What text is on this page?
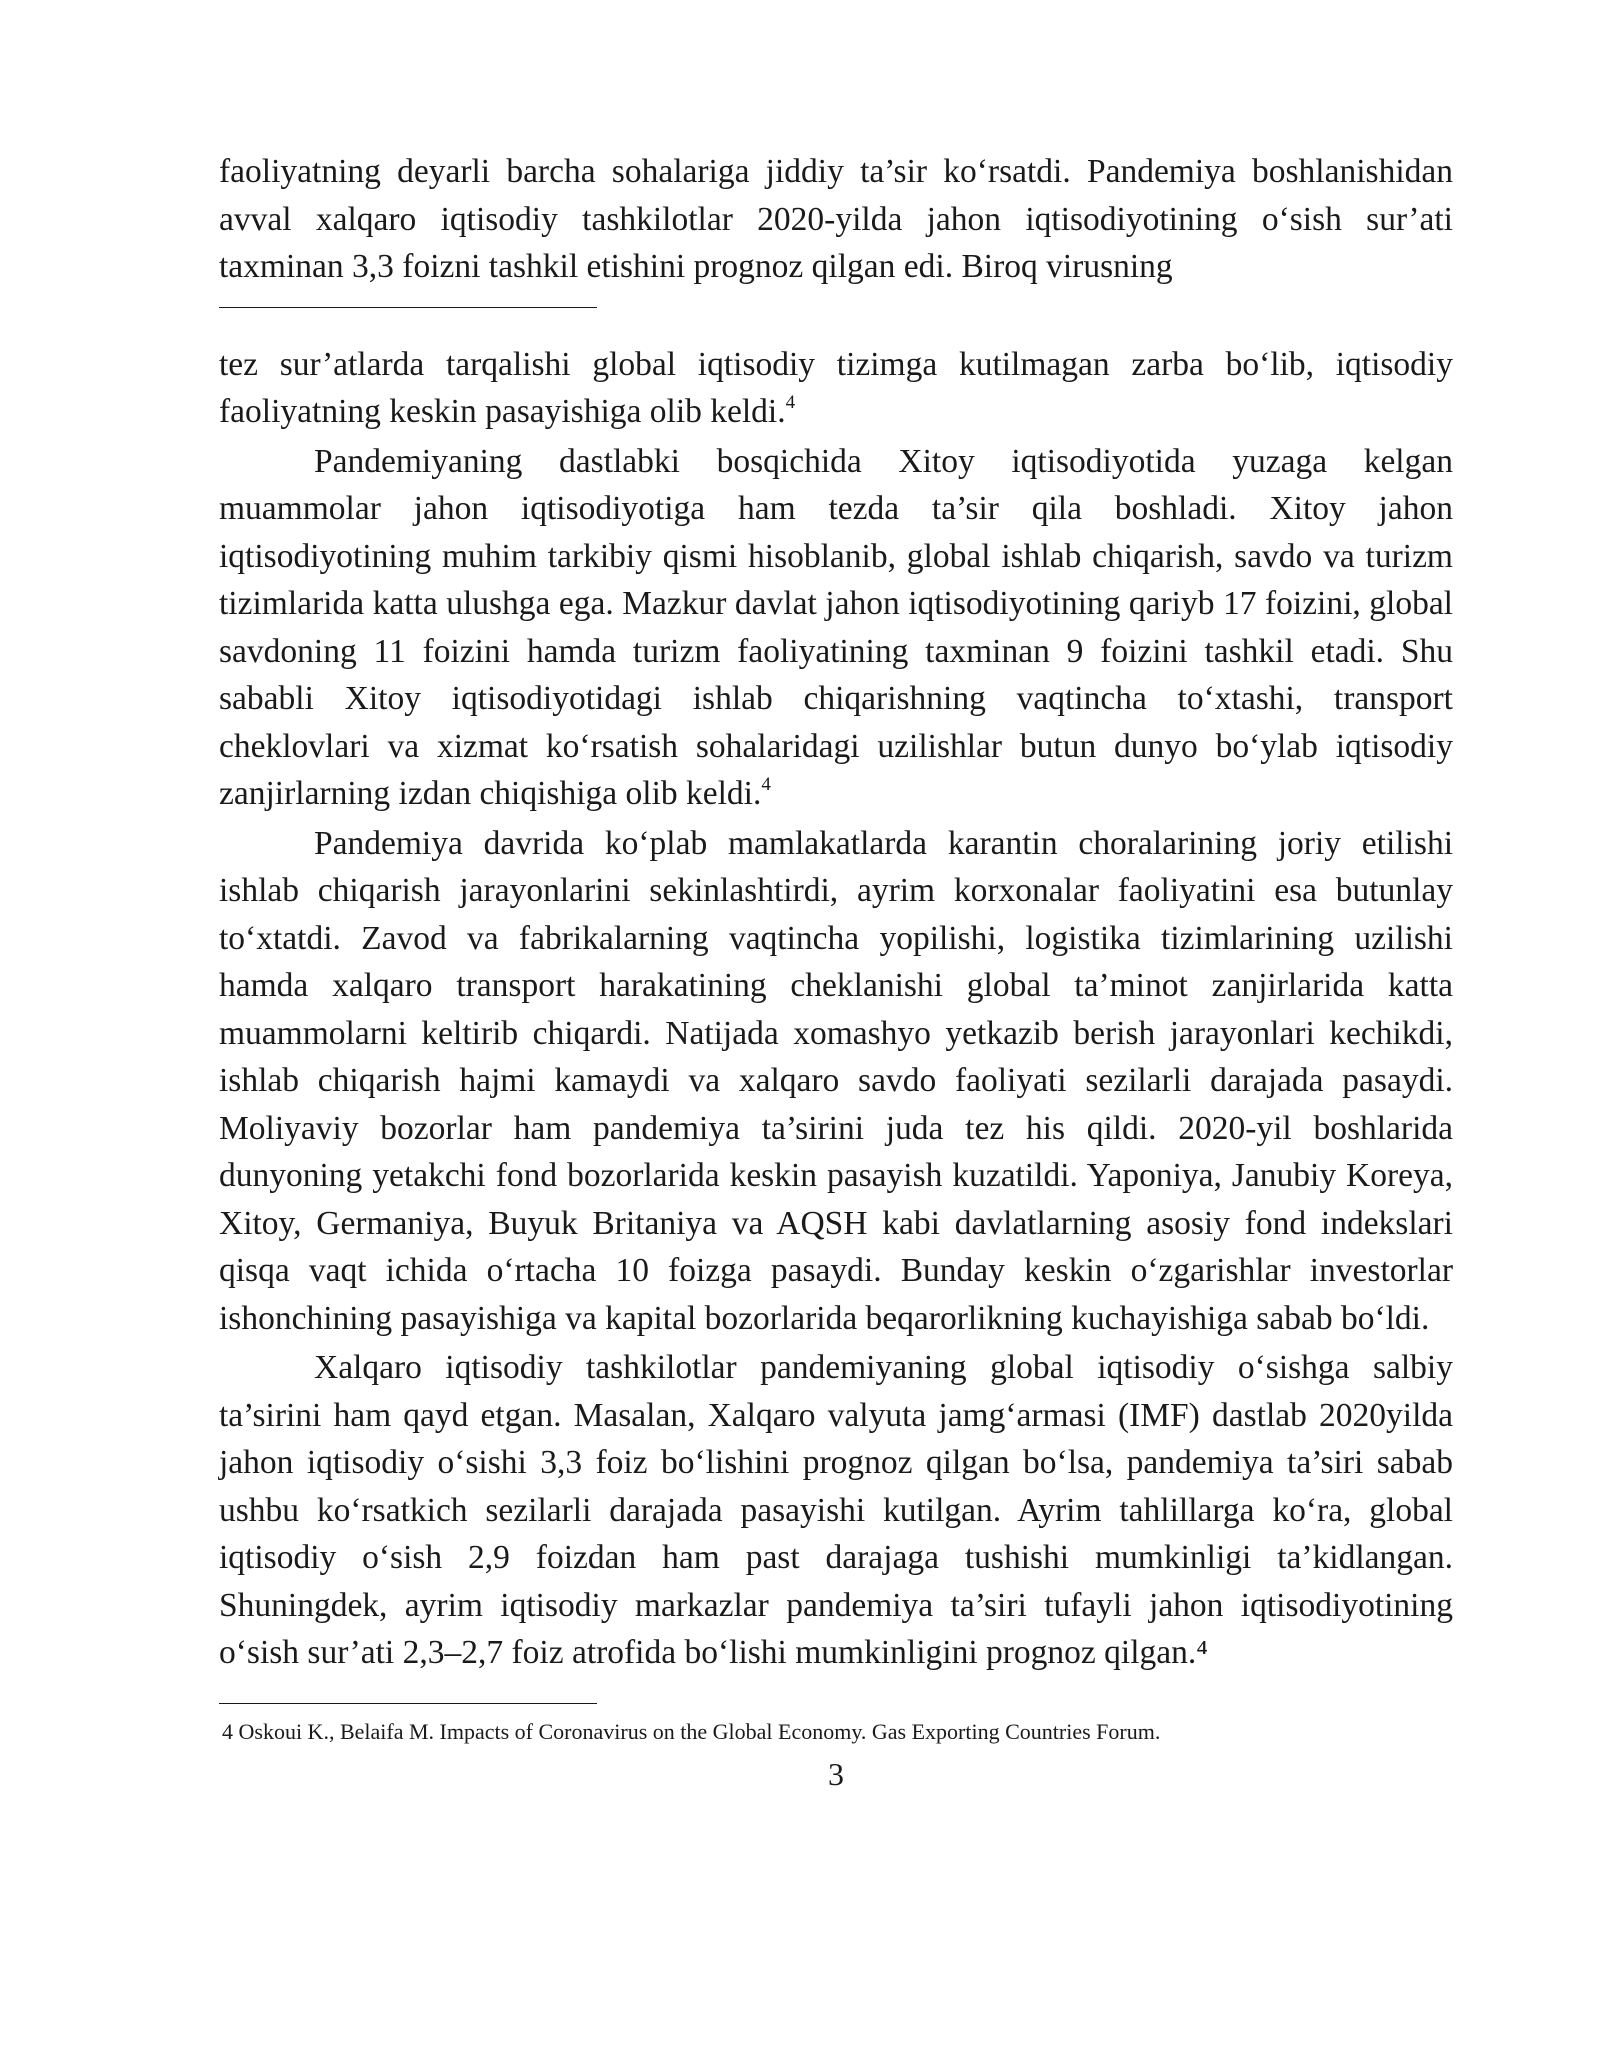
faoliyatning deyarli barcha sohalariga jiddiy ta’sir ko‘rsatdi. Pandemiya boshlanishidan avval xalqaro iqtisodiy tashkilotlar 2020-yilda jahon iqtisodiyotining o‘sish sur’ati taxminan 3,3 foizni tashkil etishini prognoz qilgan edi. Biroq virusning

tez sur’atlarda tarqalishi global iqtisodiy tizimga kutilmagan zarba bo‘lib, iqtisodiy faoliyatning keskin pasayishiga olib keldi.$^4$

Pandemiyaning dastlabki bosqichida Xitoy iqtisodiyotida yuzaga kelgan muammolar jahon iqtisodiyotiga ham tezda ta’sir qila boshladi. Xitoy jahon iqtisodiyotining muhim tarkibiy qismi hisoblanib, global ishlab chiqarish, savdo va turizm tizimlarida katta ulushga ega. Mazkur davlat jahon iqtisodiyotining qariyb 17 foizini, global savdoning 11 foizini hamda turizm faoliyatining taxminan 9 foizini tashkil etadi. Shu sababli Xitoy iqtisodiyotidagi ishlab chiqarishning vaqtincha to‘xtashi, transport cheklovlari va xizmat ko‘rsatish sohalaridagi uzilishlar butun dunyo bo‘ylab iqtisodiy zanjirlarning izdan chiqishiga olib keldi.$^4$

Pandemiya davrida ko‘plab mamlakatlarda karantin choralarining joriy etilishi ishlab chiqarish jarayonlarini sekinlashtirdi, ayrim korxonalar faoliyatini esa butunlay to‘xtatdi. Zavod va fabrikalarning vaqtincha yopilishi, logistika tizimlarining uzilishi hamda xalqaro transport harakatining cheklanishi global ta’minot zanjirlarida katta muammolarni keltirib chiqardi. Natijada xomashyo yetkazib berish jarayonlari kechikdi, ishlab chiqarish hajmi kamaydi va xalqaro savdo faoliyati sezilarli darajada pasaydi. Moliyaviy bozorlar ham pandemiya ta’sirini juda tez his qildi. 2020-yil boshlarida dunyoning yetakchi fond bozorlarida keskin pasayish kuzatildi. Yaponiya, Janubiy Koreya, Xitoy, Germaniya, Buyuk Britaniya va AQSH kabi davlatlarning asosiy fond indekslari qisqa vaqt ichida o‘rtacha 10 foizga pasaydi. Bunday keskin o‘zgarishlar investorlar ishonchining pasayishiga va kapital bozorlarida beqarorlikning kuchayishiga sabab bo‘ldi.

Xalqaro iqtisodiy tashkilotlar pandemiyaning global iqtisodiy o‘sishga salbiy ta’sirini ham qayd etgan. Masalan, Xalqaro valyuta jamg‘armasi (IMF) dastlab 2020yilda jahon iqtisodiy o‘sishi 3,3 foiz bo‘lishini prognoz qilgan bo‘lsa, pandemiya ta’siri sabab ushbu ko‘rsatkich sezilarli darajada pasayishi kutilgan. Ayrim tahlillarga ko‘ra, global iqtisodiy o‘sish 2,9 foizdan ham past darajaga tushishi mumkinligi ta’kidlangan. Shuningdek, ayrim iqtisodiy markazlar pandemiya ta’siri tufayli jahon iqtisodiyotining o‘sish sur’ati 2,3–2,7 foiz atrofida bo‘lishi mumkinligini prognoz qilgan.⁴

4 Oskoui K., Belaifa M. Impacts of Coronavirus on the Global Economy. Gas Exporting Countries Forum.

3
